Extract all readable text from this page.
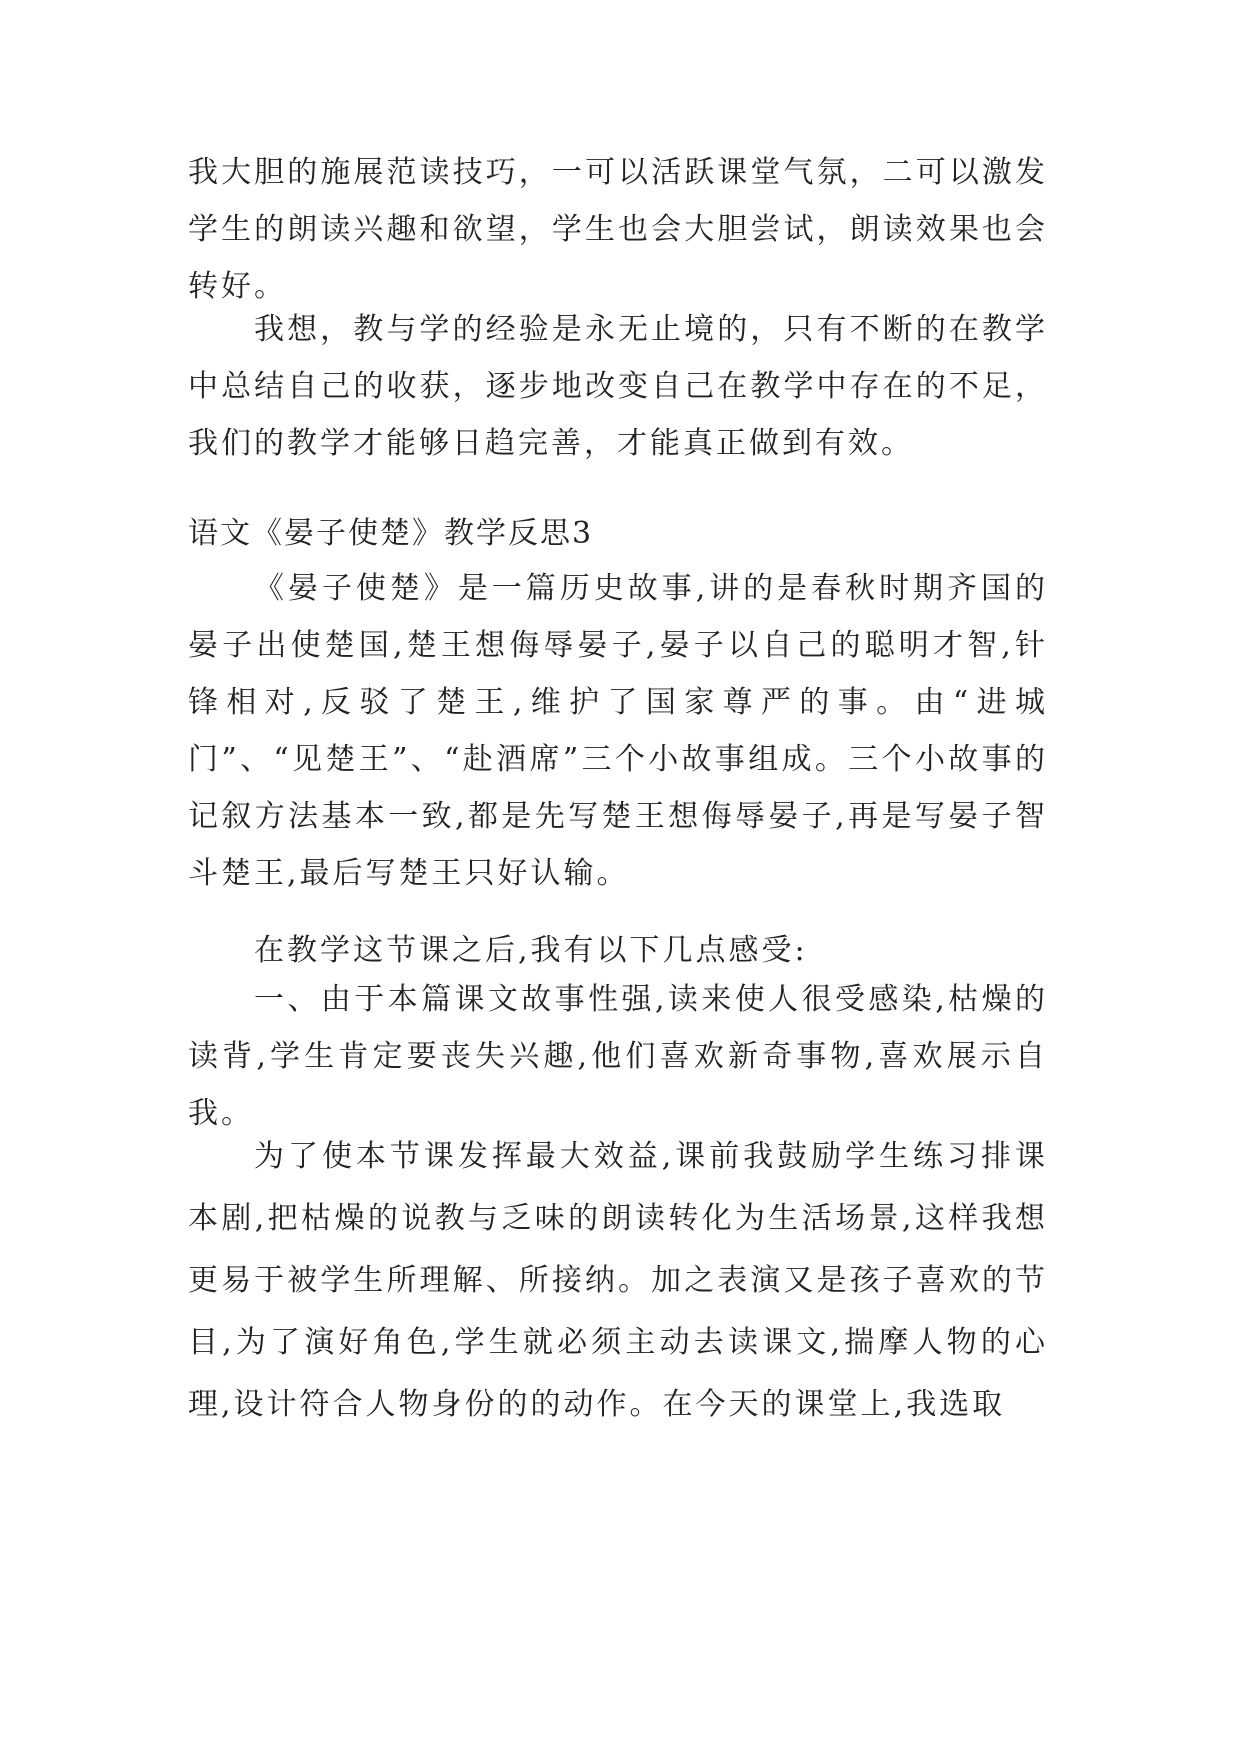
我大胆的施展范读技巧，一可以活跃课堂气氛，二可以激发学生的朗读兴趣和欲望，学生也会大胆尝试，朗读效果也会转好。

我想，教与学的经验是永无止境的，只有不断的在教学中总结自己的收获，逐步地改变自己在教学中存在的不足，我们的教学才能够日趋完善，才能真正做到有效。

语文《晏子使楚》教学反思3

《晏子使楚》是一篇历史故事,讲的是春秋时期齐国的晏子出使楚国,楚王想侮辱晏子,晏子以自己的聪明才智,针锋相对,反驳了楚王,维护了国家尊严的事。由“进城门”、“见楚王”、“赴酒席”三个小故事组成。三个小故事的记叙方法基本一致,都是先写楚王想侮辱晏子,再是写晏子智斗楚王,最后写楚王只好认输。

在教学这节课之后,我有以下几点感受:

一、由于本篇课文故事性强,读来使人很受感染,枯燥的读背,学生肯定要丧失兴趣,他们喜欢新奇事物,喜欢展示自我。

为了使本节课发挥最大效益,课前我鼓励学生练习排课本剧,把枯燥的说教与乏味的朗读转化为生活场景,这样我想更易于被学生所理解、所接纳。加之表演又是孩子喜欢的节目,为了演好角色,学生就必须主动去读课文,揣摩人物的心理,设计符合人物身份的的动作。在今天的课堂上,我选取
